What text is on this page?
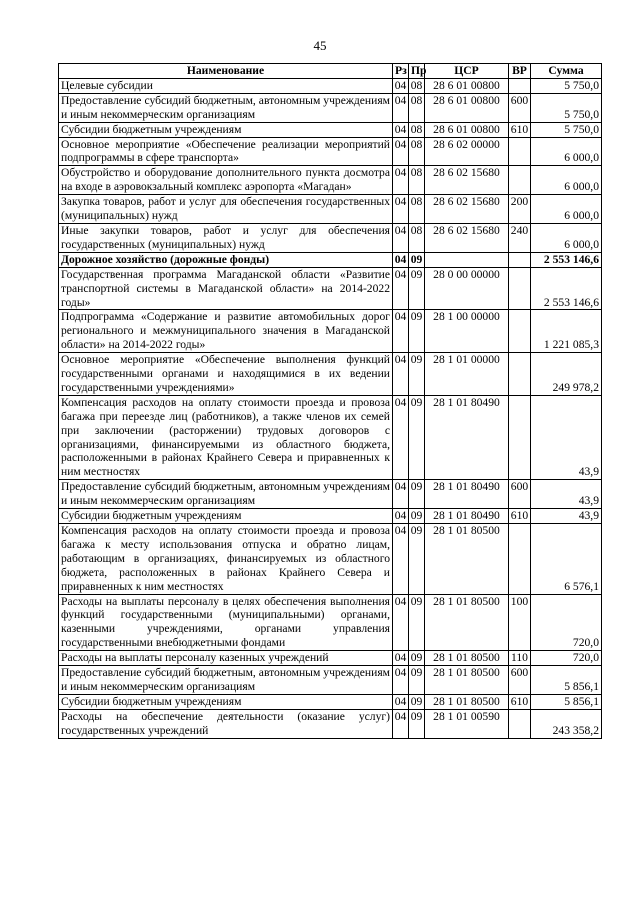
45
Наименование	Рз	Пр	ЦСР	ВР	Сумма
Целевые субсидии	04	08	28 6 01 00800		5 750,0
Предоставление субсидий бюджетным, автономным учреждениям и иным некоммерческим организациям	04	08	28 6 01 00800	600	5 750,0
Субсидии бюджетным учреждениям	04	08	28 6 01 00800	610	5 750,0
Основное мероприятие «Обеспечение реализации мероприятий подпрограммы в сфере транспорта»	04	08	28 6 02 00000		6 000,0
Обустройство и оборудование дополнительного пункта досмотра на входе в аэровокзальный комплекс аэропорта «Магадан»	04	08	28 6 02 15680		6 000,0
Закупка товаров, работ и услуг для обеспечения государственных (муниципальных) нужд	04	08	28 6 02 15680	200	6 000,0
Иные закупки товаров, работ и услуг для обеспечения государственных (муниципальных) нужд	04	08	28 6 02 15680	240	6 000,0
Дорожное хозяйство (дорожные фонды)	04	09			2 553 146,6
Государственная программа Магаданской области «Развитие транспортной системы в Магаданской области» на 2014-2022 годы»	04	09	28 0 00 00000		2 553 146,6
Подпрограмма «Содержание и развитие автомобильных дорог регионального и межмуниципального значения в Магаданской области» на 2014-2022 годы»	04	09	28 1 00 00000		1 221 085,3
Основное мероприятие «Обеспечение выполнения функций государственными органами и находящимися в их ведении государственными учреждениями»	04	09	28 1 01 00000		249 978,2
Компенсация расходов на оплату стоимости проезда и провоза багажа при переезде лиц (работников), а также членов их семей при заключении (расторжении) трудовых договоров с организациями, финансируемыми из областного бюджета, расположенными в районах Крайнего Севера и приравненных к ним местностях	04	09	28 1 01 80490		43,9
Предоставление субсидий бюджетным, автономным учреждениям и иным некоммерческим организациям	04	09	28 1 01 80490	600	43,9
Субсидии бюджетным учреждениям	04	09	28 1 01 80490	610	43,9
Компенсация расходов на оплату стоимости проезда и провоза багажа к месту использования отпуска и обратно лицам, работающим в организациях, финансируемых из областного бюджета, расположенных в районах Крайнего Севера и приравненных к ним местностях	04	09	28 1 01 80500		6 576,1
Расходы на выплаты персоналу в целях обеспечения выполнения функций государственными (муниципальными) органами, казенными учреждениями, органами управления государственными внебюджетными фондами	04	09	28 1 01 80500	100	720,0
Расходы на выплаты персоналу казенных учреждений	04	09	28 1 01 80500	110	720,0
Предоставление субсидий бюджетным, автономным учреждениям и иным некоммерческим организациям	04	09	28 1 01 80500	600	5 856,1
Субсидии бюджетным учреждениям	04	09	28 1 01 80500	610	5 856,1
Расходы на обеспечение деятельности (оказание услуг) государственных учреждений	04	09	28 1 01 00590		243 358,2
